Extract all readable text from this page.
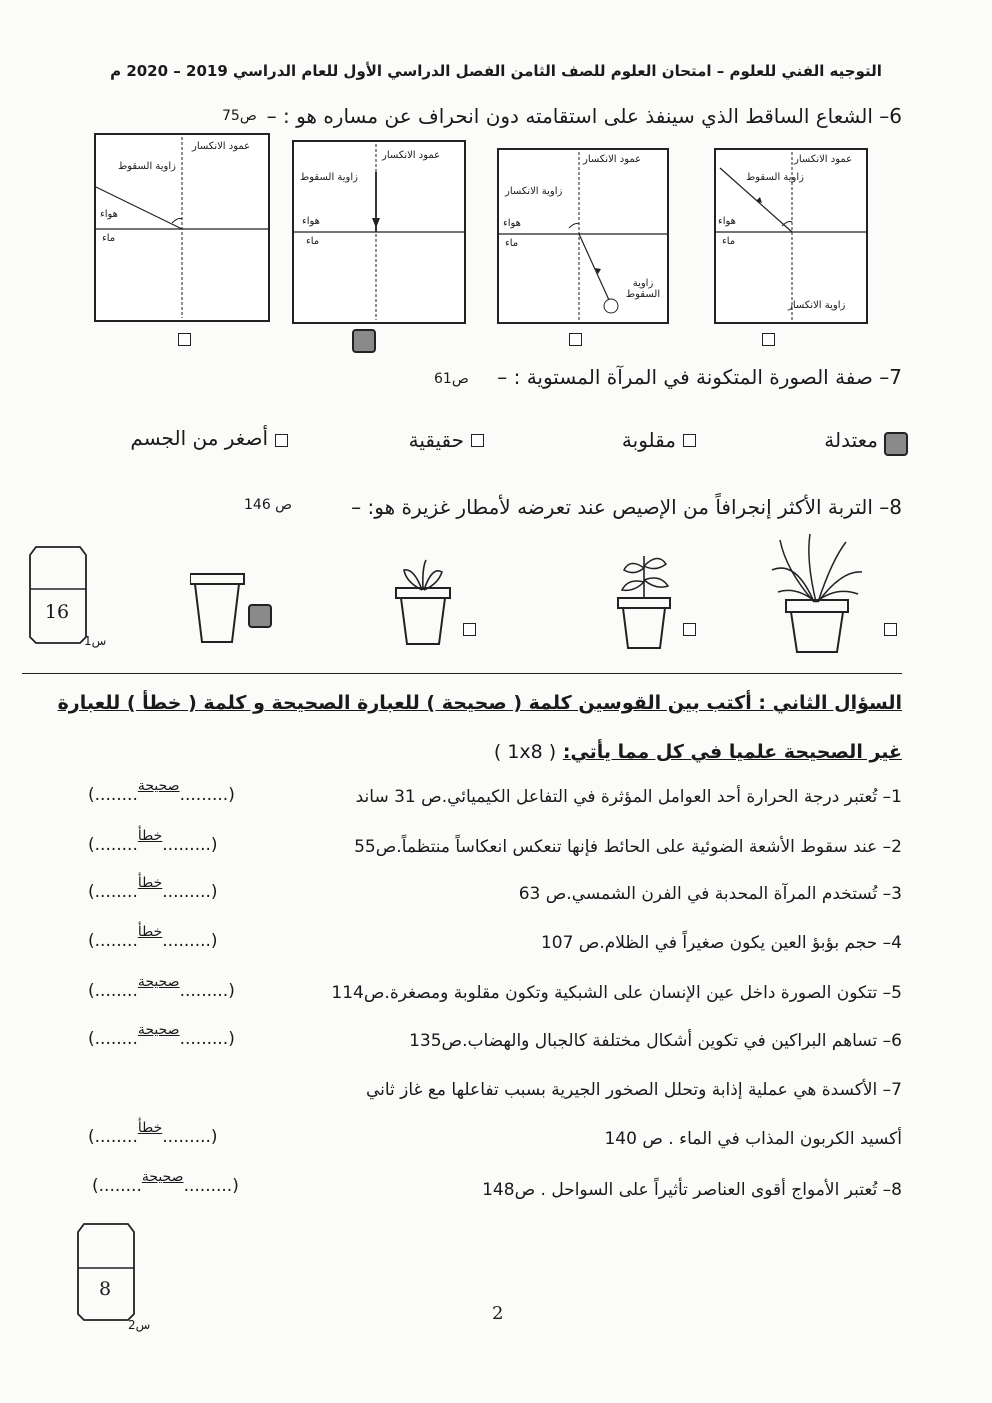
التوجيه الفني للعلوم – امتحان العلوم للصف الثامن الفصل الدراسي الأول للعام الدراسي 2019 – 2020 م
6– الشعاع الساقط الذي سينفذ على استقامته دون انحراف عن مساره هو : –
ص75
عمود الانكسار
زاوية السقوط
هواء
ماء
زاوية الانكسار
عمود الانكسار
زاوية الانكسار
هواء
ماء
زاوية السقوط
عمود الانكسار
زاوية السقوط
هواء
ماء
عمود الانكسار
زاوية السقوط
هواء
ماء
7– صفة الصورة المتكونة في المرآة المستوية : –
ص61
معتدلة
مقلوبة
حقيقية
أصغر من الجسم
8– التربة الأكثر إنجرافاً من الإصيص عند تعرضه لأمطار غزيرة هو: –
ص 146
16
س1
السؤال الثاني : أكتب بين القوسين كلمة ( صحيحة ) للعبارة الصحيحة و كلمة ( خطأ ) للعبارة
غير الصحيحة علميا في كل مما يأتي: ( 1x8 )
1– تُعتبر درجة الحرارة أحد العوامل المؤثرة في التفاعل الكيميائي.ص 31 ساند
(........$^{صحيحة}$.........)
2– عند سقوط الأشعة الضوئية على الحائط فإنها تنعكس انعكاساً منتظماً.ص55
(........$^{خطأ}$.........)
3– تُستخدم المرآة المحدبة في الفرن الشمسي.ص 63
(........$^{خطأ}$.........)
4– حجم بؤبؤ العين يكون صغيراً في الظلام.ص 107
(........$^{خطأ}$.........)
5– تتكون الصورة داخل عين الإنسان على الشبكية وتكون مقلوبة ومصغرة.ص114
(........$^{صحيحة}$.........)
6– تساهم البراكين في تكوين أشكال مختلفة كالجبال والهضاب.ص135
(........$^{صحيحة}$.........)
7– الأكسدة هي عملية إذابة وتحلل الصخور الجيرية بسبب تفاعلها مع غاز ثاني
أكسيد الكربون المذاب في الماء . ص 140
(........$^{خطأ}$.........)
8– تُعتبر الأمواج أقوى العناصر تأثيراً على السواحل . ص148
(........$^{صحيحة}$.........)
8
س2
2
